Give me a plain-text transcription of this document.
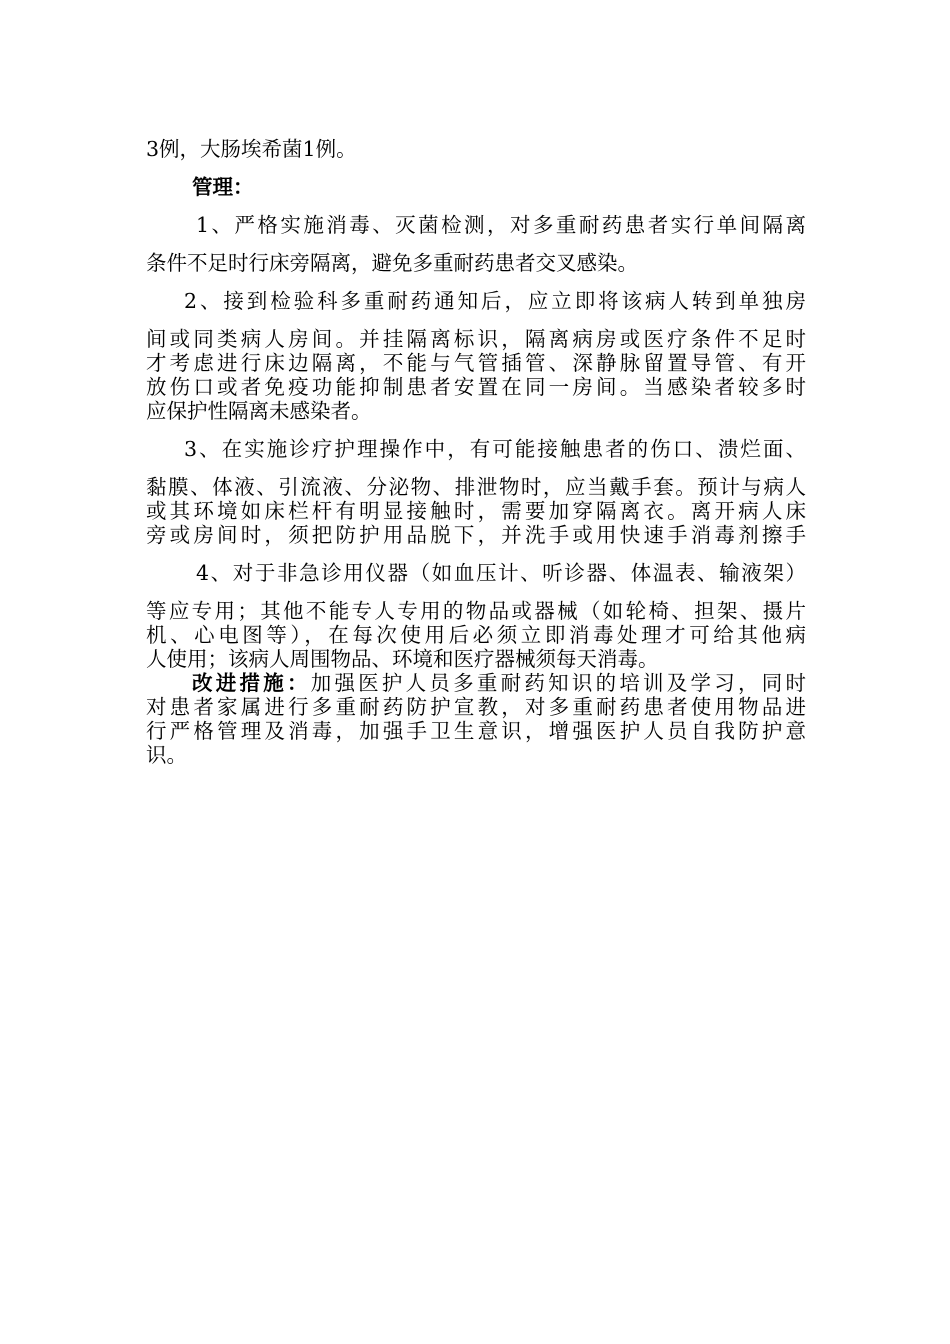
3例，大肠埃希菌1例。
管理：
1、严格实施消毒、灭菌检测，对多重耐药患者实行单间隔离
条件不足时行床旁隔离，避免多重耐药患者交叉感染。
2、接到检验科多重耐药通知后，应立即将该病人转到单独房
间或同类病人房间。并挂隔离标识，隔离病房或医疗条件不足时
才考虑进行床边隔离，不能与气管插管、深静脉留置导管、有开
放伤口或者免疫功能抑制患者安置在同一房间。当感染者较多时
应保护性隔离未感染者。
3、在实施诊疗护理操作中，有可能接触患者的伤口、溃烂面、
黏膜、体液、引流液、分泌物、排泄物时，应当戴手套。预计与病人
或其环境如床栏杆有明显接触时，需要加穿隔离衣。离开病人床
旁或房间时，须把防护用品脱下，并洗手或用快速手消毒剂擦手
4、对于非急诊用仪器（如血压计、听诊器、体温表、输液架）
等应专用；其他不能专人专用的物品或器械（如轮椅、担架、摄片
机、心电图等），在每次使用后必须立即消毒处理才可给其他病
人使用；该病人周围物品、环境和医疗器械须每天消毒。
改进措施：加强医护人员多重耐药知识的培训及学习，同时
对患者家属进行多重耐药防护宣教，对多重耐药患者使用物品进
行严格管理及消毒，加强手卫生意识，增强医护人员自我防护意
识。
